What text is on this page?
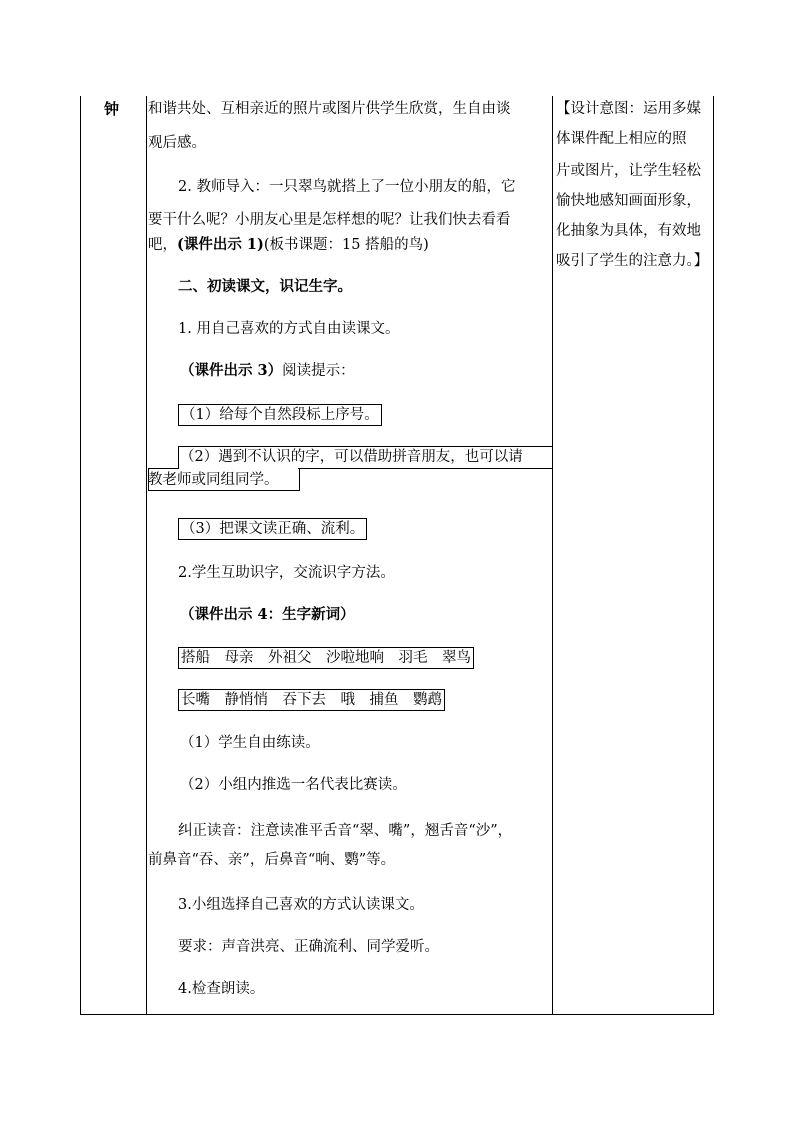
钟 和谐共处、互相亲近的照片或图片供学生欣赏，生自由谈
观后感。
2. 教师导入：一只翠鸟就搭上了一位小朋友的船，它
要干什么呢？小朋友心里是怎样想的呢？让我们快去看看
吧，(课件出示 1)(板书课题：15 搭船的鸟)
二、初读课文，识记生字。
1. 用自己喜欢的方式自由读课文。
（课件出示 3）阅读提示：
（1）给每个自然段标上序号。
（2）遇到不认识的字，可以借助拼音朋友，也可以请
教老师或同组同学。
（3）把课文读正确、流利。
2.学生互助识字，交流识字方法。
（课件出示 4：生字新词）
搭船　母亲　外祖父　沙啦地响　羽毛　翠鸟
长嘴　静悄悄　吞下去　哦　捕鱼　鹦鹉
（1）学生自由练读。
（2）小组内推选一名代表比赛读。
纠正读音：注意读准平舌音“翠、嘴”，翘舌音“沙”，
前鼻音“吞、亲”，后鼻音“响、鹦”等。
3.小组选择自己喜欢的方式认读课文。
要求：声音洪亮、正确流利、同学爱听。
4.检查朗读。
【设计意图：运用多媒
体课件配上相应的照
片或图片，让学生轻松
愉快地感知画面形象，
化抽象为具体，有效地
吸引了学生的注意力。】
